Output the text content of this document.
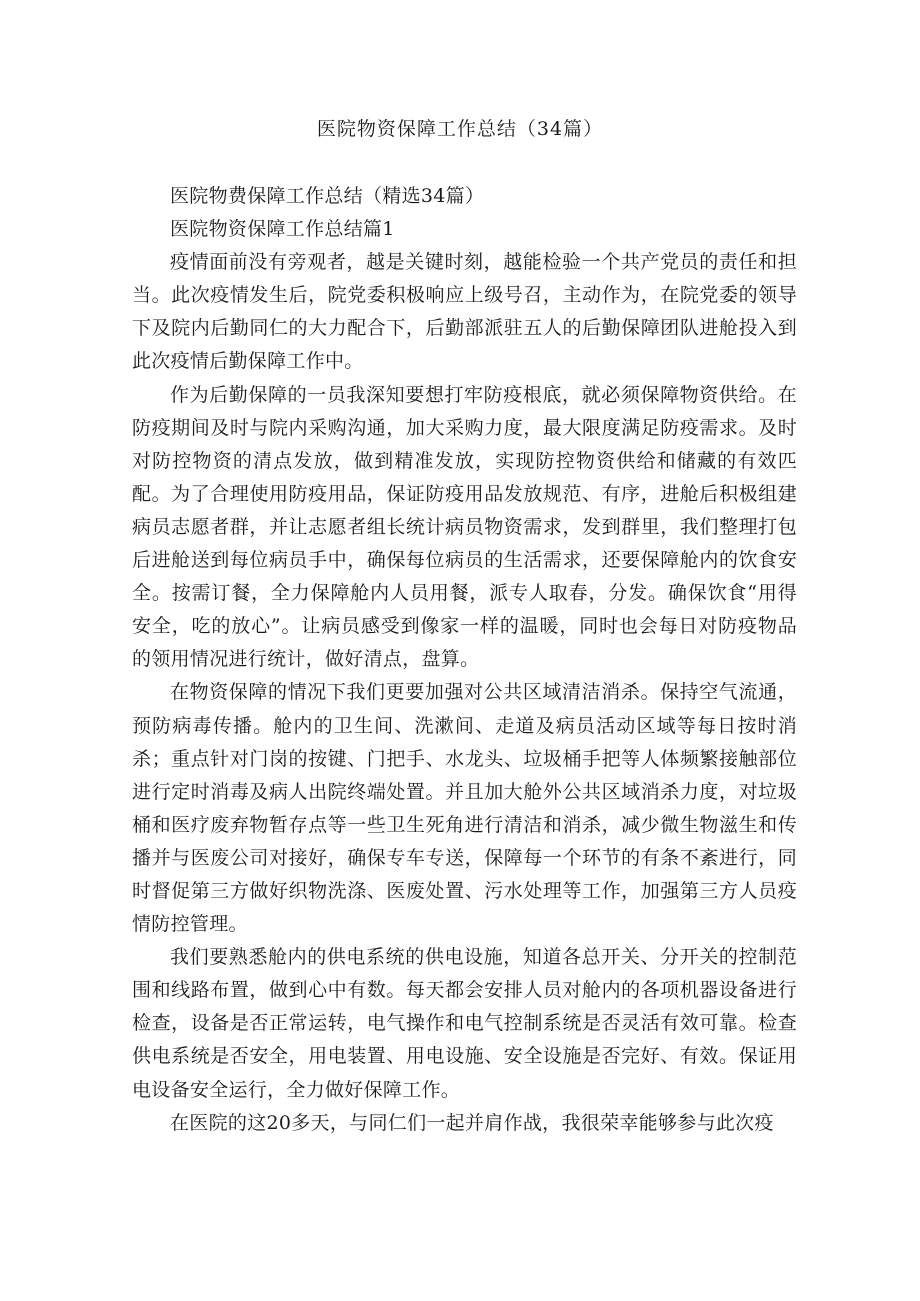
医院物资保障工作总结（34篇）

医院物费保障工作总结（精选34篇）

医院物资保障工作总结篇1

疫情面前没有旁观者，越是关键时刻，越能检验一个共产党员的责任和担当。此次疫情发生后，院党委积极响应上级号召，主动作为，在院党委的领导下及院内后勤同仁的大力配合下，后勤部派驻五人的后勤保障团队进舱投入到此次疫情后勤保障工作中。

作为后勤保障的一员我深知要想打牢防疫根底，就必须保障物资供给。在防疫期间及时与院内采购沟通，加大采购力度，最大限度满足防疫需求。及时对防控物资的清点发放，做到精准发放，实现防控物资供给和储藏的有效匹配。为了合理使用防疫用品，保证防疫用品发放规范、有序，进舱后积极组建病员志愿者群，并让志愿者组长统计病员物资需求，发到群里，我们整理打包后进舱送到每位病员手中，确保每位病员的生活需求，还要保障舱内的饮食安全。按需订餐，全力保障舱内人员用餐，派专人取春，分发。确保饮食“用得安全，吃的放心”。让病员感受到像家一样的温暖，同时也会每日对防疫物品的领用情况进行统计，做好清点，盘算。

在物资保障的情况下我们更要加强对公共区域清洁消杀。保持空气流通，预防病毒传播。舱内的卫生间、洗漱间、走道及病员活动区域等每日按时消杀；重点针对门岗的按键、门把手、水龙头、垃圾桶手把等人体频繁接触部位进行定时消毒及病人出院终端处置。并且加大舱外公共区域消杀力度，对垃圾桶和医疗废弃物暂存点等一些卫生死角进行清洁和消杀，减少微生物滋生和传播并与医废公司对接好，确保专车专送，保障每一个环节的有条不紊进行，同时督促第三方做好织物洗涤、医废处置、污水处理等工作，加强第三方人员疫情防控管理。

我们要熟悉舱内的供电系统的供电设施，知道各总开关、分开关的控制范围和线路布置，做到心中有数。每天都会安排人员对舱内的各项机器设备进行检查，设备是否正常运转，电气操作和电气控制系统是否灵活有效可靠。检查供电系统是否安全，用电装置、用电设施、安全设施是否完好、有效。保证用电设备安全运行，全力做好保障工作。

在医院的这20多天，与同仁们一起并肩作战，我很荣幸能够参与此次疫
